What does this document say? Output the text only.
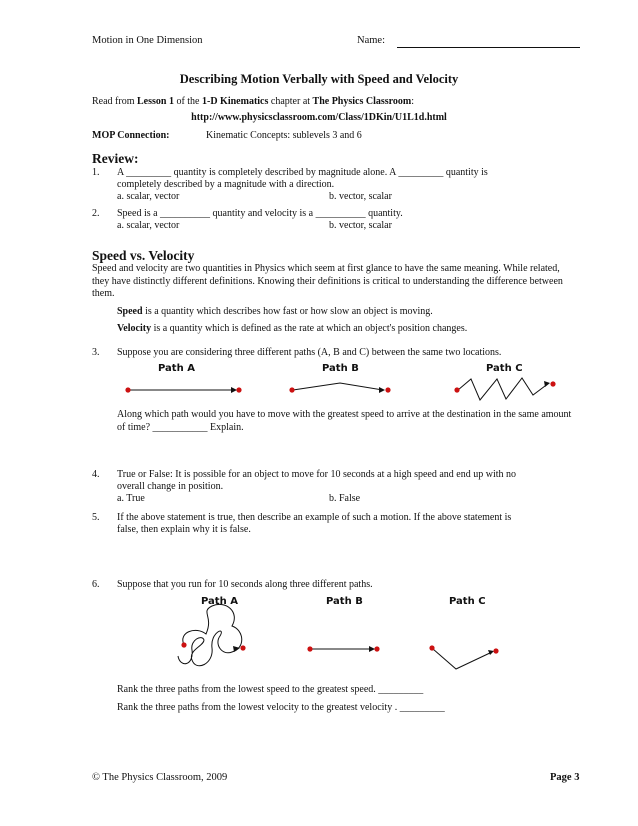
Motion in One Dimension	Name:
Describing Motion Verbally with Speed and Velocity
Read from Lesson 1 of the 1-D Kinematics chapter at The Physics Classroom:
http://www.physicsclassroom.com/Class/1DKin/U1L1d.html
MOP Connection:	Kinematic Concepts: sublevels 3 and 6
Review:
1. A _________ quantity is completely described by magnitude alone. A _________ quantity is
completely described by a magnitude with a direction.
a. scalar, vector	b. vector, scalar
2. Speed is a __________ quantity and velocity is a __________ quantity.
a. scalar, vector	b. vector, scalar
Speed vs. Velocity
Speed and velocity are two quantities in Physics which seem at first glance to have the same meaning. While related, they have distinctly different definitions. Knowing their definitions is critical to understanding the difference between them.
Speed is a quantity which describes how fast or how slow an object is moving.
Velocity is a quantity which is defined as the rate at which an object's position changes.
3. Suppose you are considering three different paths (A, B and C) between the same two locations.
Path A	Path B	Path C
Along which path would you have to move with the greatest speed to arrive at the destination in the same amount of time? ___________ Explain.
4. True or False: It is possible for an object to move for 10 seconds at a high speed and end up with no
overall change in position.
a. True	b. False
5. If the above statement is true, then describe an example of such a motion. If the above statement is
false, then explain why it is false.
6. Suppose that you run for 10 seconds along three different paths.
Path A	Path B	Path C
Rank the three paths from the lowest speed to the greatest speed. _________
Rank the three paths from the lowest velocity to the greatest velocity . _________
© The Physics Classroom, 2009	Page 3
